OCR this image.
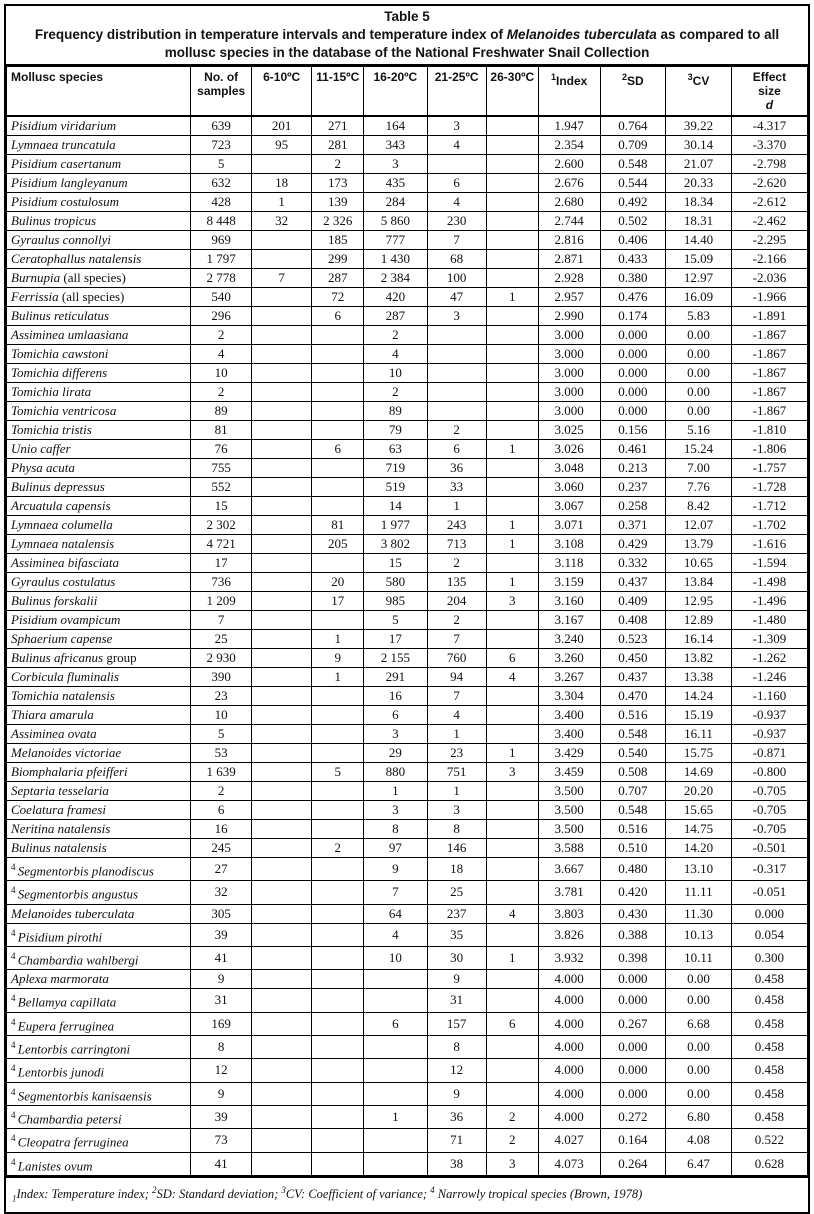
Table 5
Frequency distribution in temperature intervals and temperature index of Melanoides tuberculata as compared to all mollusc species in the database of the National Freshwater Snail Collection
Mollusc species	No. of samples	6-10ºC	11-15ºC	16-20ºC	21-25ºC	26-30ºC	$^1$Index	$^2$SD	$^3$CV	Effect
size
d
Pisidium viridarium	639	201	271	164	3		1.947	0.764	39.22	-4.317
Lymnaea truncatula	723	95	281	343	4		2.354	0.709	30.14	-3.370
Pisidium casertanum	5		2	3			2.600	0.548	21.07	-2.798
Pisidium langleyanum	632	18	173	435	6		2.676	0.544	20.33	-2.620
Pisidium costulosum	428	1	139	284	4		2.680	0.492	18.34	-2.612
Bulinus tropicus	8 448	32	2 326	5 860	230		2.744	0.502	18.31	-2.462
Gyraulus connollyi	969		185	777	7		2.816	0.406	14.40	-2.295
Ceratophallus natalensis	1 797		299	1 430	68		2.871	0.433	15.09	-2.166
Burnupia (all species)	2 778	7	287	2 384	100		2.928	0.380	12.97	-2.036
Ferrissia (all species)	540		72	420	47	1	2.957	0.476	16.09	-1.966
Bulinus reticulatus	296		6	287	3		2.990	0.174	5.83	-1.891
Assiminea umlaasiana	2			2			3.000	0.000	0.00	-1.867
Tomichia cawstoni	4			4			3.000	0.000	0.00	-1.867
Tomichia differens	10			10			3.000	0.000	0.00	-1.867
Tomichia lirata	2			2			3.000	0.000	0.00	-1.867
Tomichia ventricosa	89			89			3.000	0.000	0.00	-1.867
Tomichia tristis	81			79	2		3.025	0.156	5.16	-1.810
Unio caffer	76		6	63	6	1	3.026	0.461	15.24	-1.806
Physa acuta	755			719	36		3.048	0.213	7.00	-1.757
Bulinus depressus	552			519	33		3.060	0.237	7.76	-1.728
Arcuatula capensis	15			14	1		3.067	0.258	8.42	-1.712
Lymnaea columella	2 302		81	1 977	243	1	3.071	0.371	12.07	-1.702
Lymnaea natalensis	4 721		205	3 802	713	1	3.108	0.429	13.79	-1.616
Assiminea bifasciata	17			15	2		3.118	0.332	10.65	-1.594
Gyraulus costulatus	736		20	580	135	1	3.159	0.437	13.84	-1.498
Bulinus forskalii	1 209		17	985	204	3	3.160	0.409	12.95	-1.496
Pisidium ovampicum	7			5	2		3.167	0.408	12.89	-1.480
Sphaerium capense	25		1	17	7		3.240	0.523	16.14	-1.309
Bulinus africanus group	2 930		9	2 155	760	6	3.260	0.450	13.82	-1.262
Corbicula fluminalis	390		1	291	94	4	3.267	0.437	13.38	-1.246
Tomichia natalensis	23			16	7		3.304	0.470	14.24	-1.160
Thiara amarula	10			6	4		3.400	0.516	15.19	-0.937
Assiminea ovata	5			3	1		3.400	0.548	16.11	-0.937
Melanoides victoriae	53			29	23	1	3.429	0.540	15.75	-0.871
Biomphalaria pfeifferi	1 639		5	880	751	3	3.459	0.508	14.69	-0.800
Septaria tesselaria	2			1	1		3.500	0.707	20.20	-0.705
Coelatura framesi	6			3	3		3.500	0.548	15.65	-0.705
Neritina natalensis	16			8	8		3.500	0.516	14.75	-0.705
Bulinus natalensis	245		2	97	146		3.588	0.510	14.20	-0.501
$^4$ Segmentorbis planodiscus	27			9	18		3.667	0.480	13.10	-0.317
$^4$ Segmentorbis angustus	32			7	25		3.781	0.420	11.11	-0.051
Melanoides tuberculata	305			64	237	4	3.803	0.430	11.30	0.000
$^4$ Pisidium pirothi	39			4	35		3.826	0.388	10.13	0.054
$^4$ Chambardia wahlbergi	41			10	30	1	3.932	0.398	10.11	0.300
Aplexa marmorata	9				9		4.000	0.000	0.00	0.458
$^4$ Bellamya capillata	31				31		4.000	0.000	0.00	0.458
$^4$ Eupera ferruginea	169			6	157	6	4.000	0.267	6.68	0.458
$^4$ Lentorbis carringtoni	8				8		4.000	0.000	0.00	0.458
$^4$ Lentorbis junodi	12				12		4.000	0.000	0.00	0.458
$^4$ Segmentorbis kanisaensis	9				9		4.000	0.000	0.00	0.458
$^4$ Chambardia petersi	39			1	36	2	4.000	0.272	6.80	0.458
$^4$ Cleopatra ferruginea	73				71	2	4.027	0.164	4.08	0.522
$^4$ Lanistes ovum	41				38	3	4.073	0.264	6.47	0.628
$_1$Index: Temperature index; $^2$SD: Standard deviation; $^3$CV: Coefficient of variance; $^4$ Narrowly tropical species (Brown, 1978)
